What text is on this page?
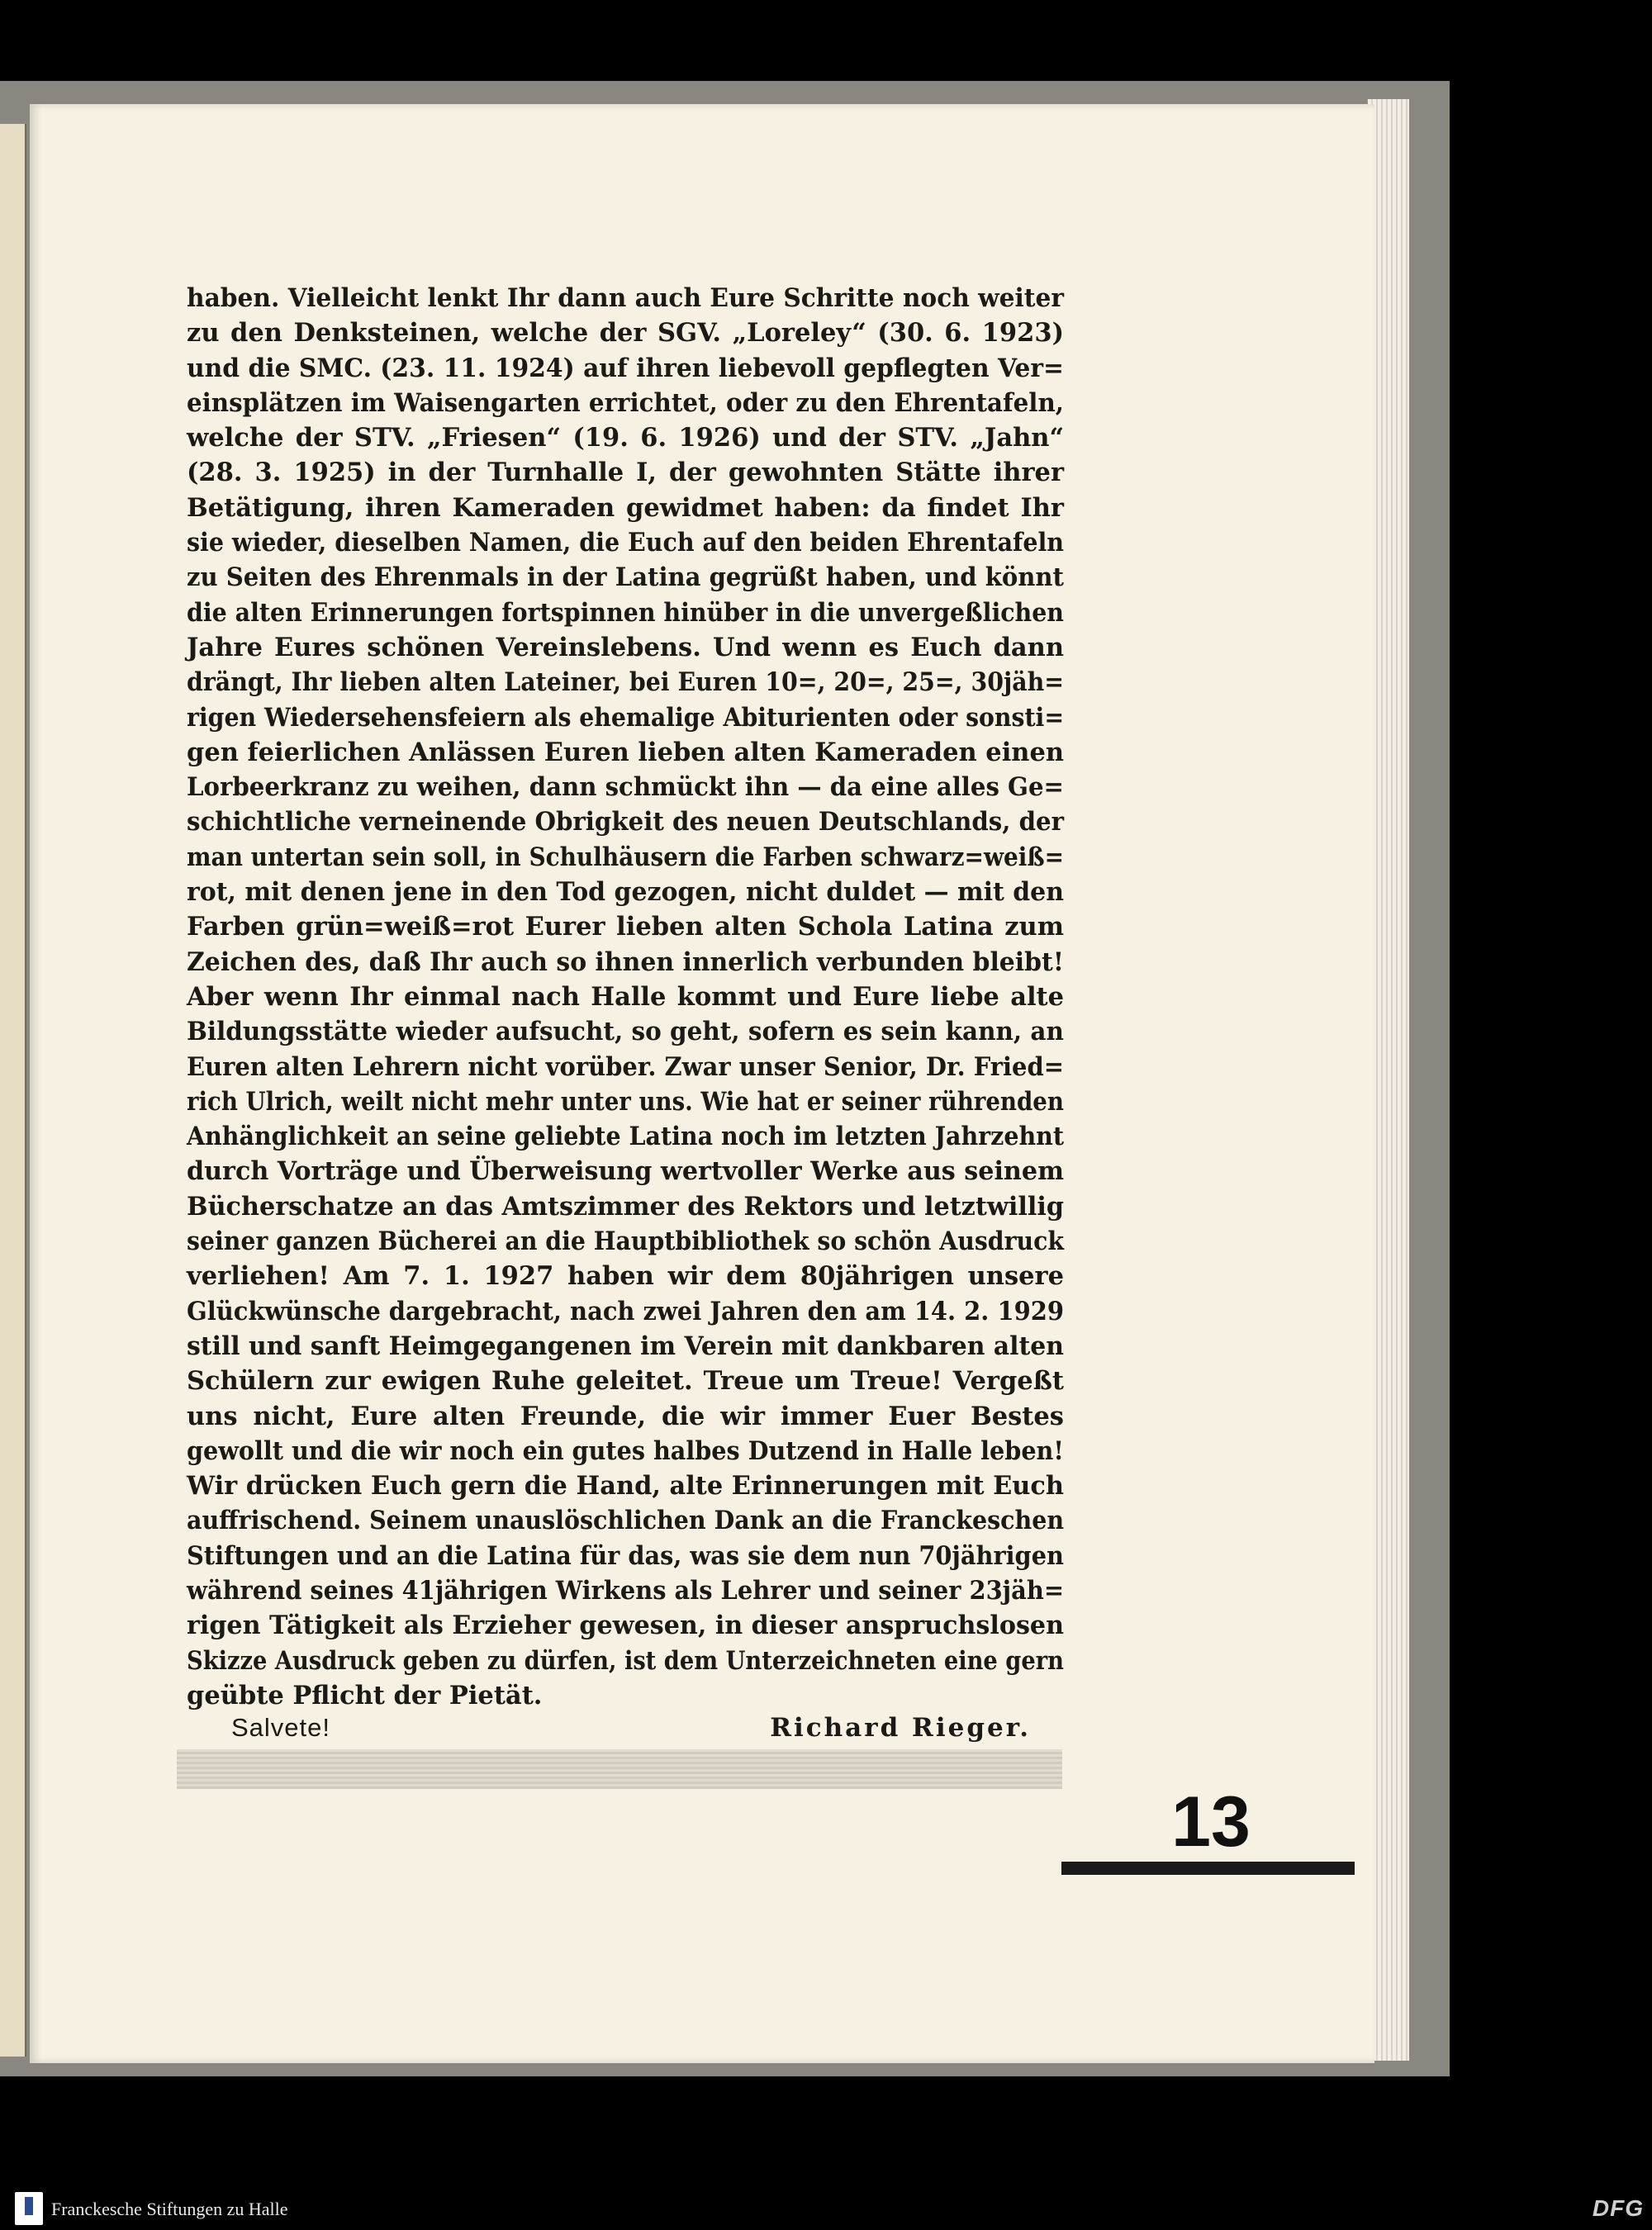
haben. Vielleicht lenkt Ihr dann auch Eure Schritte noch weiter
zu den Denksteinen, welche der SGV. „Loreley“ (30. 6. 1923)
und die SMC. (23. 11. 1924) auf ihren liebevoll gepflegten Ver=
einsplätzen im Waisengarten errichtet, oder zu den Ehrentafeln,
welche der STV. „Friesen“ (19. 6. 1926) und der STV. „Jahn“
(28. 3. 1925) in der Turnhalle I, der gewohnten Stätte ihrer
Betätigung, ihren Kameraden gewidmet haben: da findet Ihr
sie wieder, dieselben Namen, die Euch auf den beiden Ehrentafeln
zu Seiten des Ehrenmals in der Latina gegrüßt haben, und könnt
die alten Erinnerungen fortspinnen hinüber in die unvergeßlichen
Jahre Eures schönen Vereinslebens. Und wenn es Euch dann
drängt, Ihr lieben alten Lateiner, bei Euren 10=, 20=, 25=, 30jäh=
rigen Wiedersehensfeiern als ehemalige Abiturienten oder sonsti=
gen feierlichen Anlässen Euren lieben alten Kameraden einen
Lorbeerkranz zu weihen, dann schmückt ihn — da eine alles Ge=
schichtliche verneinende Obrigkeit des neuen Deutschlands, der
man untertan sein soll, in Schulhäusern die Farben schwarz=weiß=
rot, mit denen jene in den Tod gezogen, nicht duldet — mit den
Farben grün=weiß=rot Eurer lieben alten Schola Latina zum
Zeichen des, daß Ihr auch so ihnen innerlich verbunden bleibt!
Aber wenn Ihr einmal nach Halle kommt und Eure liebe alte
Bildungsstätte wieder aufsucht, so geht, sofern es sein kann, an
Euren alten Lehrern nicht vorüber. Zwar unser Senior, Dr. Fried=
rich Ulrich, weilt nicht mehr unter uns. Wie hat er seiner rührenden
Anhänglichkeit an seine geliebte Latina noch im letzten Jahrzehnt
durch Vorträge und Überweisung wertvoller Werke aus seinem
Bücherschatze an das Amtszimmer des Rektors und letztwillig
seiner ganzen Bücherei an die Hauptbibliothek so schön Ausdruck
verliehen! Am 7. 1. 1927 haben wir dem 80jährigen unsere
Glückwünsche dargebracht, nach zwei Jahren den am 14. 2. 1929
still und sanft Heimgegangenen im Verein mit dankbaren alten
Schülern zur ewigen Ruhe geleitet. Treue um Treue! Vergeßt
uns nicht, Eure alten Freunde, die wir immer Euer Bestes
gewollt und die wir noch ein gutes halbes Dutzend in Halle leben!
Wir drücken Euch gern die Hand, alte Erinnerungen mit Euch
auffrischend. Seinem unauslöschlichen Dank an die Franckeschen
Stiftungen und an die Latina für das, was sie dem nun 70jährigen
während seines 41jährigen Wirkens als Lehrer und seiner 23jäh=
rigen Tätigkeit als Erzieher gewesen, in dieser anspruchslosen
Skizze Ausdruck geben zu dürfen, ist dem Unterzeichneten eine gern
geübte Pflicht der Pietät.
Salvete!	Richard Rieger.
13
Franckesche Stiftungen zu Halle	DFG
